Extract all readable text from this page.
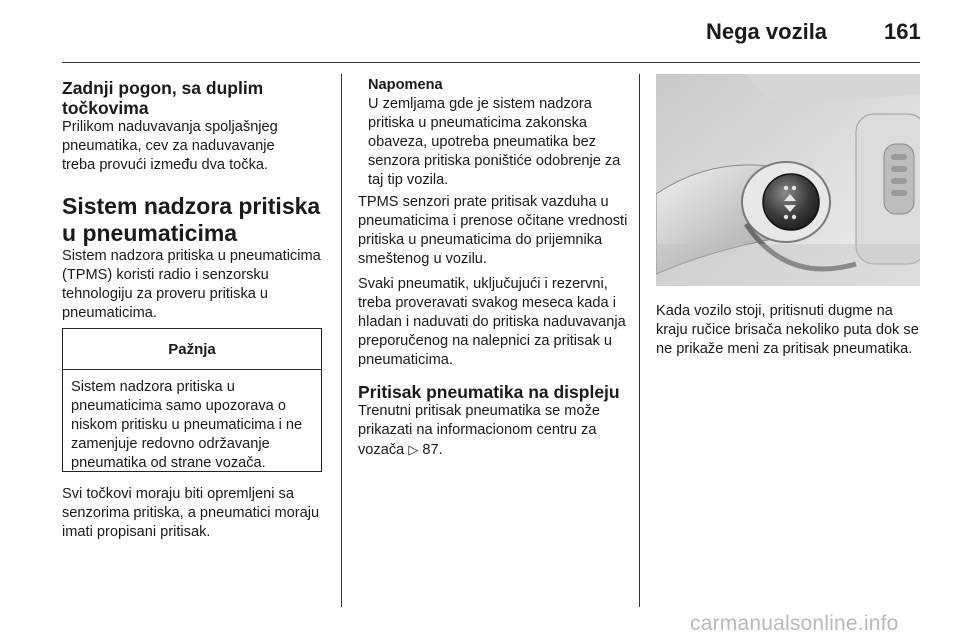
Nega vozila	161
Zadnji pogon, sa duplim točkovima

Prilikom naduvavanja spoljašnjeg pneumatika, cev za naduvavanje treba provući između dva točka.

Sistem nadzora pritiska u pneumaticima

Sistem nadzora pritiska u pneumaticima (TPMS) koristi radio i senzorsku tehnologiju za proveru pritiska u pneumaticima.

Pažnja

Sistem nadzora pritiska u pneumaticima samo upozorava o niskom pritisku u pneumaticima i ne zamenjuje redovno održavanje pneumatika od strane vozača.

Svi točkovi moraju biti opremljeni sa senzorima pritiska, a pneumatici moraju imati propisani pritisak.

Napomena

U zemljama gde je sistem nadzora pritiska u pneumaticima zakonska obaveza, upotreba pneumatika bez senzora pritiska poništiće odobrenje za taj tip vozila.

TPMS senzori prate pritisak vazduha u pneumaticima i prenose očitane vrednosti pritiska u pneumaticima do prijemnika smeštenog u vozilu.

Svaki pneumatik, uključujući i rezervni, treba proveravati svakog meseca kada i hladan i naduvati do pritiska naduvavanja preporučenog na nalepnici za pritisak u pneumaticima.

Pritisak pneumatika na displeju

Trenutni pritisak pneumatika se može prikazati na informacionom centru za vozača ▷ 87.

Kada vozilo stoji, pritisnuti dugme na kraju ručice brisača nekoliko puta dok se ne prikaže meni za pritisak pneumatika.

carmanualsonline.info
